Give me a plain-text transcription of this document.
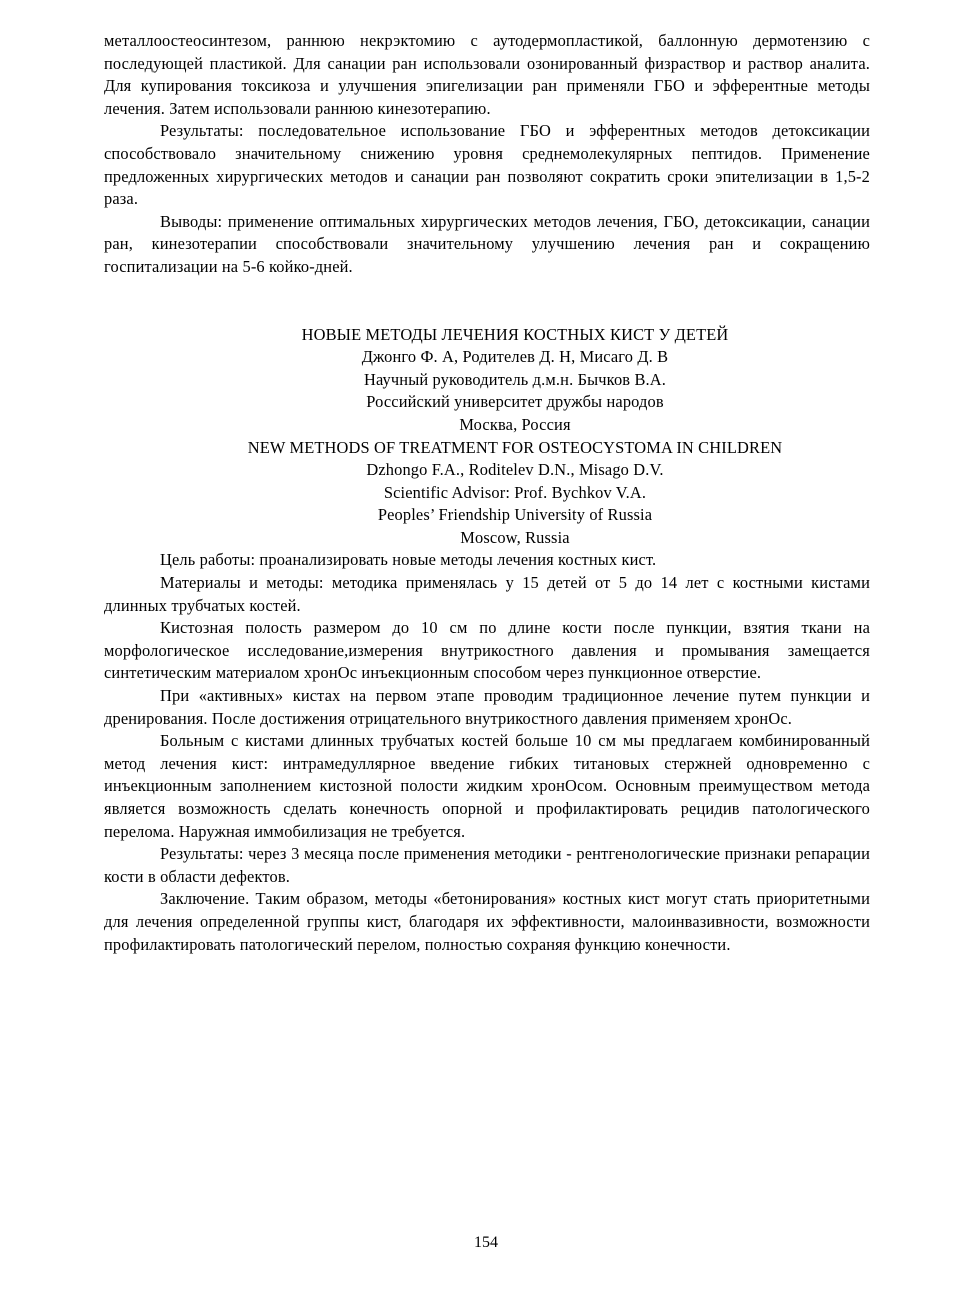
металлоостеосинтезом, раннюю некрэктомию с аутодермопластикой, баллонную дермотензию с последующей пластикой. Для санации ран использовали озонированный физраствор и раствор аналита. Для купирования токсикоза и улучшения эпигелизации ран применяли ГБО и эфферентные методы лечения. Затем использовали раннюю кинезотерапию.

Результаты: последовательное использование ГБО и эфферентных методов детоксикации способствовало значительному снижению уровня среднемолекулярных пептидов. Применение предложенных хирургических методов и санации ран позволяют сократить сроки эпителизации в 1,5-2 раза.

Выводы: применение оптимальных хирургических методов лечения, ГБО, детоксикации, санации ран, кинезотерапии способствовали значительному улучшению лечения ран и сокращению госпитализации на 5-6 койко-дней.

НОВЫЕ МЕТОДЫ ЛЕЧЕНИЯ КОСТНЫХ КИСТ У ДЕТЕЙ
Джонго Ф. А, Родителев Д. Н, Мисаго Д. В
Научный руководитель д.м.н. Бычков В.А.
Российский университет дружбы народов
Москва, Россия
NEW METHODS OF TREATMENT FOR OSTEOCYSTOMA IN CHILDREN
Dzhongo F.A., Roditelev D.N., Misago D.V.
Scientific Advisor: Prof. Bychkov V.A.
Peoples’ Friendship University of Russia
Moscow, Russia

Цель работы: проанализировать новые методы лечения костных кист.

Материалы и методы: методика применялась у 15 детей от 5 до 14 лет с костными кистами длинных трубчатых костей.

Кистозная полость размером до 10 см по длине кости после пункции, взятия ткани на морфологическое исследование,измерения внутрикостного давления и промывания замещается синтетическим материалом хронОс инъекционным способом через пункционное отверстие.

При «активных» кистах на первом этапе проводим традиционное лечение путем пункции и дренирования. После достижения отрицательного внутрикостного давления применяем хронОс.

Больным с кистами длинных трубчатых костей больше 10 см мы предлагаем комбинированный метод лечения кист: интрамедуллярное введение гибких титановых стержней одновременно с инъекционным заполнением кистозной полости жидким хронОсом. Основным преимуществом метода является возможность сделать конечность опорной и профилактировать рецидив патологического перелома. Наружная иммобилизация не требуется.

Результаты: через 3 месяца после применения методики - рентгенологические признаки репарации кости в области дефектов.

Заключение. Таким образом, методы «бетонирования» костных кист могут стать приоритетными для лечения определенной группы кист, благодаря их эффективности, малоинвазивности, возможности профилактировать патологический перелом, полностью сохраняя функцию конечности.

154
